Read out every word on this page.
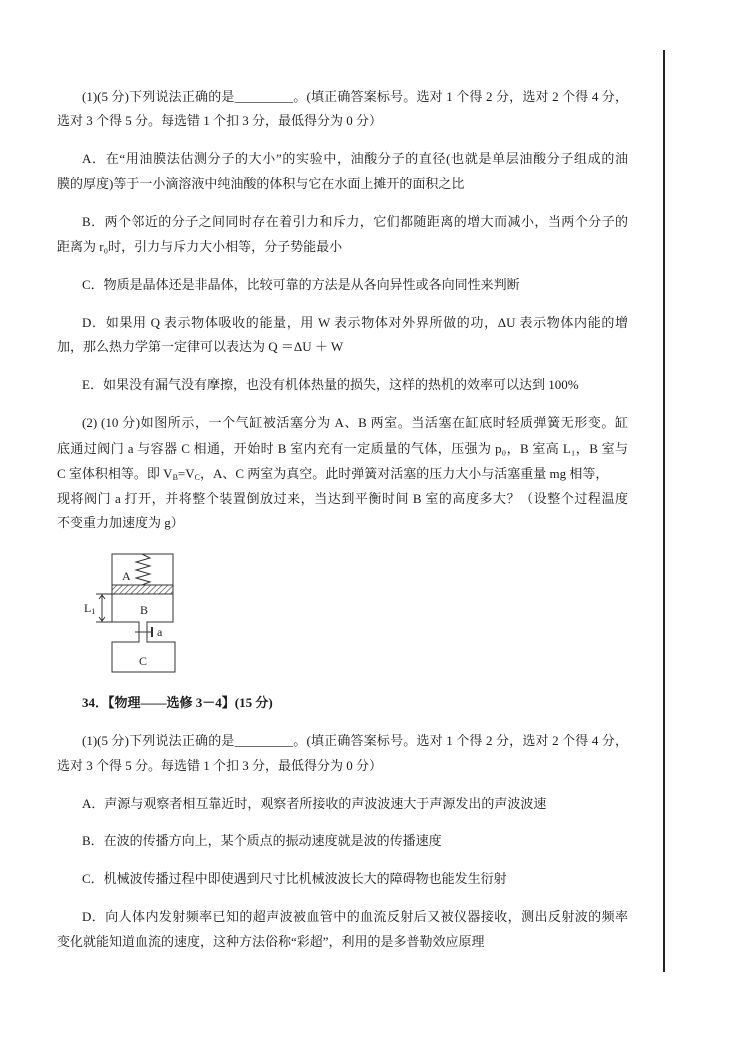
(1)(5 分)下列说法正确的是_________。(填正确答案标号。选对 1 个得 2 分，选对 2 个得 4 分，
选对 3 个得 5 分。每选错 1 个扣 3 分，最低得分为 0 分）
A．在“用油膜法估测分子的大小”的实验中，油酸分子的直径(也就是单层油酸分子组成的油
膜的厚度)等于一小滴溶液中纯油酸的体积与它在水面上摊开的面积之比
B．两个邻近的分子之间同时存在着引力和斥力，它们都随距离的增大而减小，当两个分子的
距离为 r₀时，引力与斥力大小相等，分子势能最小
C．物质是晶体还是非晶体，比较可靠的方法是从各向异性或各向同性来判断
D．如果用 Q 表示物体吸收的能量，用 W 表示物体对外界所做的功，ΔU 表示物体内能的增
加，那么热力学第一定律可以表达为 Q ＝ΔU ＋ W
E．如果没有漏气没有摩擦，也没有机体热量的损失，这样的热机的效率可以达到 100%
(2) (10 分)如图所示，一个气缸被活塞分为 A、B 两室。当活塞在缸底时轻质弹簧无形变。缸
底通过阀门 a 与容器 C 相通，开始时 B 室内充有一定质量的气体，压强为 p₀，B 室高 L₁，B 室与
C 室体积相等。即 $V_B=V_C$，A、C 两室为真空。此时弹簧对活塞的压力大小与活塞重量 mg 相等，
现将阀门 a 打开，并将整个装置倒放过来，当达到平衡时间 B 室的高度多大？（设整个过程温度
不变重力加速度为 g）
A
B
C
a
L1
34．【物理——选修 3－4】(15 分)
(1)(5 分)下列说法正确的是_________。(填正确答案标号。选对 1 个得 2 分，选对 2 个得 4 分，
选对 3 个得 5 分。每选错 1 个扣 3 分，最低得分为 0 分）
A．声源与观察者相互靠近时，观察者所接收的声波波速大于声源发出的声波波速
B．在波的传播方向上，某个质点的振动速度就是波的传播速度
C．机械波传播过程中即使遇到尺寸比机械波波长大的障碍物也能发生衍射
D．向人体内发射频率已知的超声波被血管中的血流反射后又被仪器接收，测出反射波的频率
变化就能知道血流的速度，这种方法俗称“彩超”，利用的是多普勒效应原理
